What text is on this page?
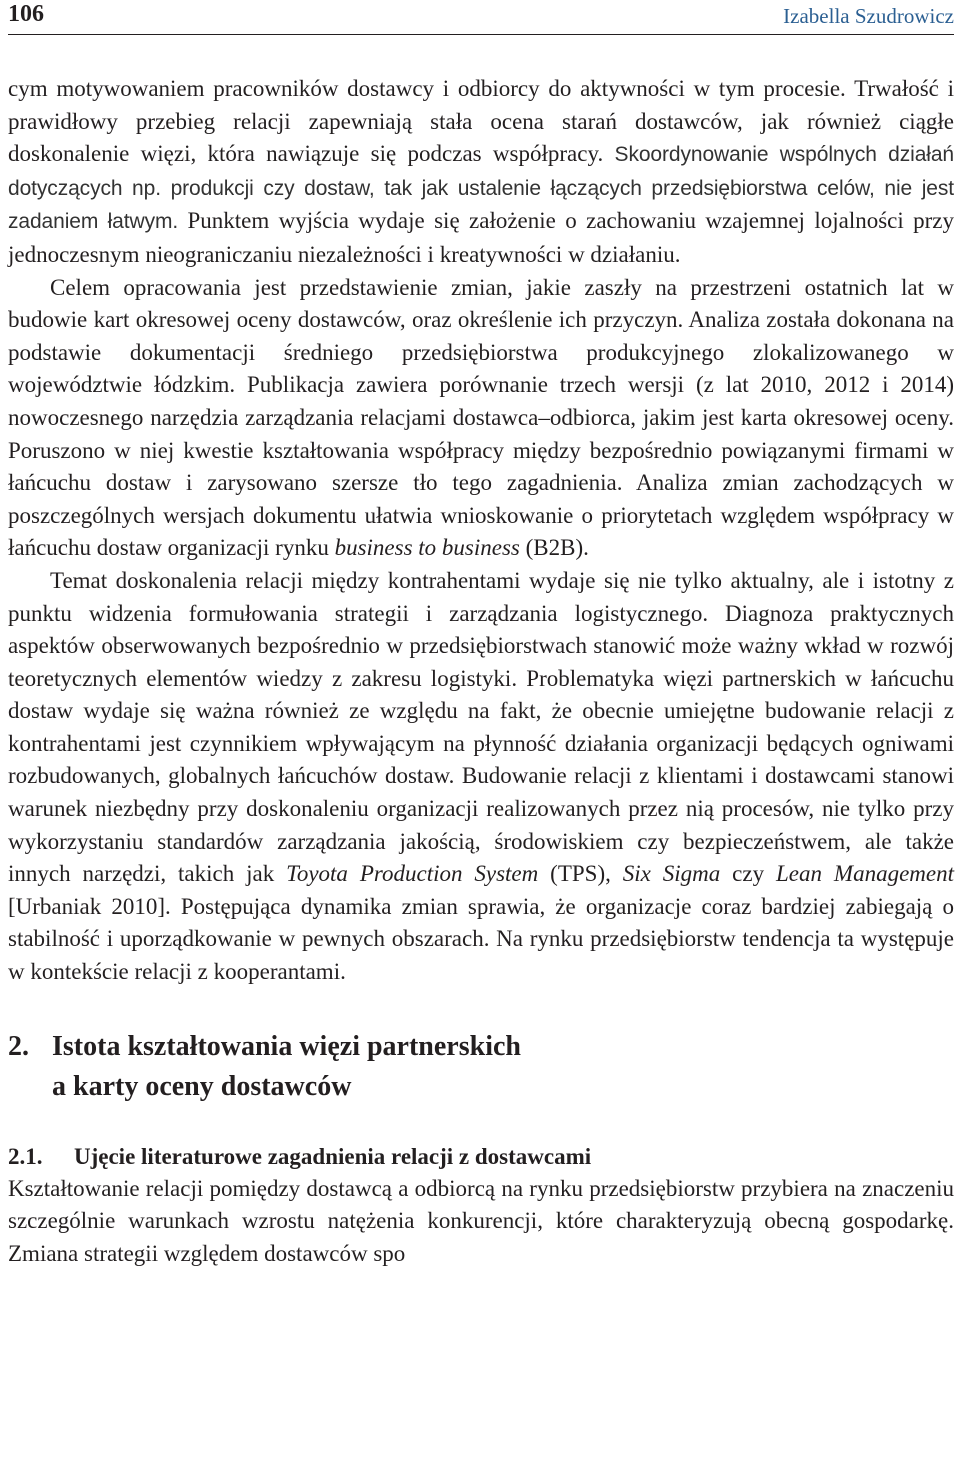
106	Izabella Szudrowicz

cym motywowaniem pracowników dostawcy i odbiorcy do aktywności w tym procesie. Trwałość i prawidłowy przebieg relacji zapewniają stała ocena starań dostawców, jak również ciągłe doskonalenie więzi, która nawiązuje się podczas współpracy. Skoordynowanie wspólnych działań dotyczących np. produkcji czy dostaw, tak jak ustalenie łączących przedsiębiorstwa celów, nie jest zadaniem łatwym. Punktem wyjścia wydaje się założenie o zachowaniu wzajemnej lojalności przy jednoczesnym nieograniczaniu niezależności i kreatywności w działaniu.

Celem opracowania jest przedstawienie zmian, jakie zaszły na przestrzeni ostatnich lat w budowie kart okresowej oceny dostawców, oraz określenie ich przyczyn. Analiza została dokonana na podstawie dokumentacji średniego przedsiębiorstwa produkcyjnego zlokalizowanego w województwie łódzkim. Publikacja zawiera porównanie trzech wersji (z lat 2010, 2012 i 2014) nowoczesnego narzędzia zarządzania relacjami dostawca–odbiorca, jakim jest karta okresowej oceny. Poruszono w niej kwestie kształtowania współpracy między bezpośrednio powiązanymi firmami w łańcuchu dostaw i zarysowano szersze tło tego zagadnienia. Analiza zmian zachodzących w poszczególnych wersjach dokumentu ułatwia wnioskowanie o priorytetach względem współpracy w łańcuchu dostaw organizacji rynku business to business (B2B).

Temat doskonalenia relacji między kontrahentami wydaje się nie tylko aktualny, ale i istotny z punktu widzenia formułowania strategii i zarządzania logistycznego. Diagnoza praktycznych aspektów obserwowanych bezpośrednio w przedsiębiorstwach stanowić może ważny wkład w rozwój teoretycznych elementów wiedzy z zakresu logistyki. Problematyka więzi partnerskich w łańcuchu dostaw wydaje się ważna również ze względu na fakt, że obecnie umiejętne budowanie relacji z kontrahentami jest czynnikiem wpływającym na płynność działania organizacji będących ogniwami rozbudowanych, globalnych łańcuchów dostaw. Budowanie relacji z klientami i dostawcami stanowi warunek niezbędny przy doskonaleniu organizacji realizowanych przez nią procesów, nie tylko przy wykorzystaniu standardów zarządzania jakością, środowiskiem czy bezpieczeństwem, ale także innych narzędzi, takich jak Toyota Production System (TPS), Six Sigma czy Lean Management [Urbaniak 2010]. Postępująca dynamika zmian sprawia, że organizacje coraz bardziej zabiegają o stabilność i uporządkowanie w pewnych obszarach. Na rynku przedsiębiorstw tendencja ta występuje w kontekście relacji z kooperantami.

2. Istota kształtowania więzi partnerskich
a karty oceny dostawców
2.1.	Ujęcie literaturowe zagadnienia relacji z dostawcami

Kształtowanie relacji pomiędzy dostawcą a odbiorcą na rynku przedsiębiorstw przybiera na znaczeniu szczególnie warunkach wzrostu natężenia konkurencji, które charakteryzują obecną gospodarkę. Zmiana strategii względem dostawców spo
